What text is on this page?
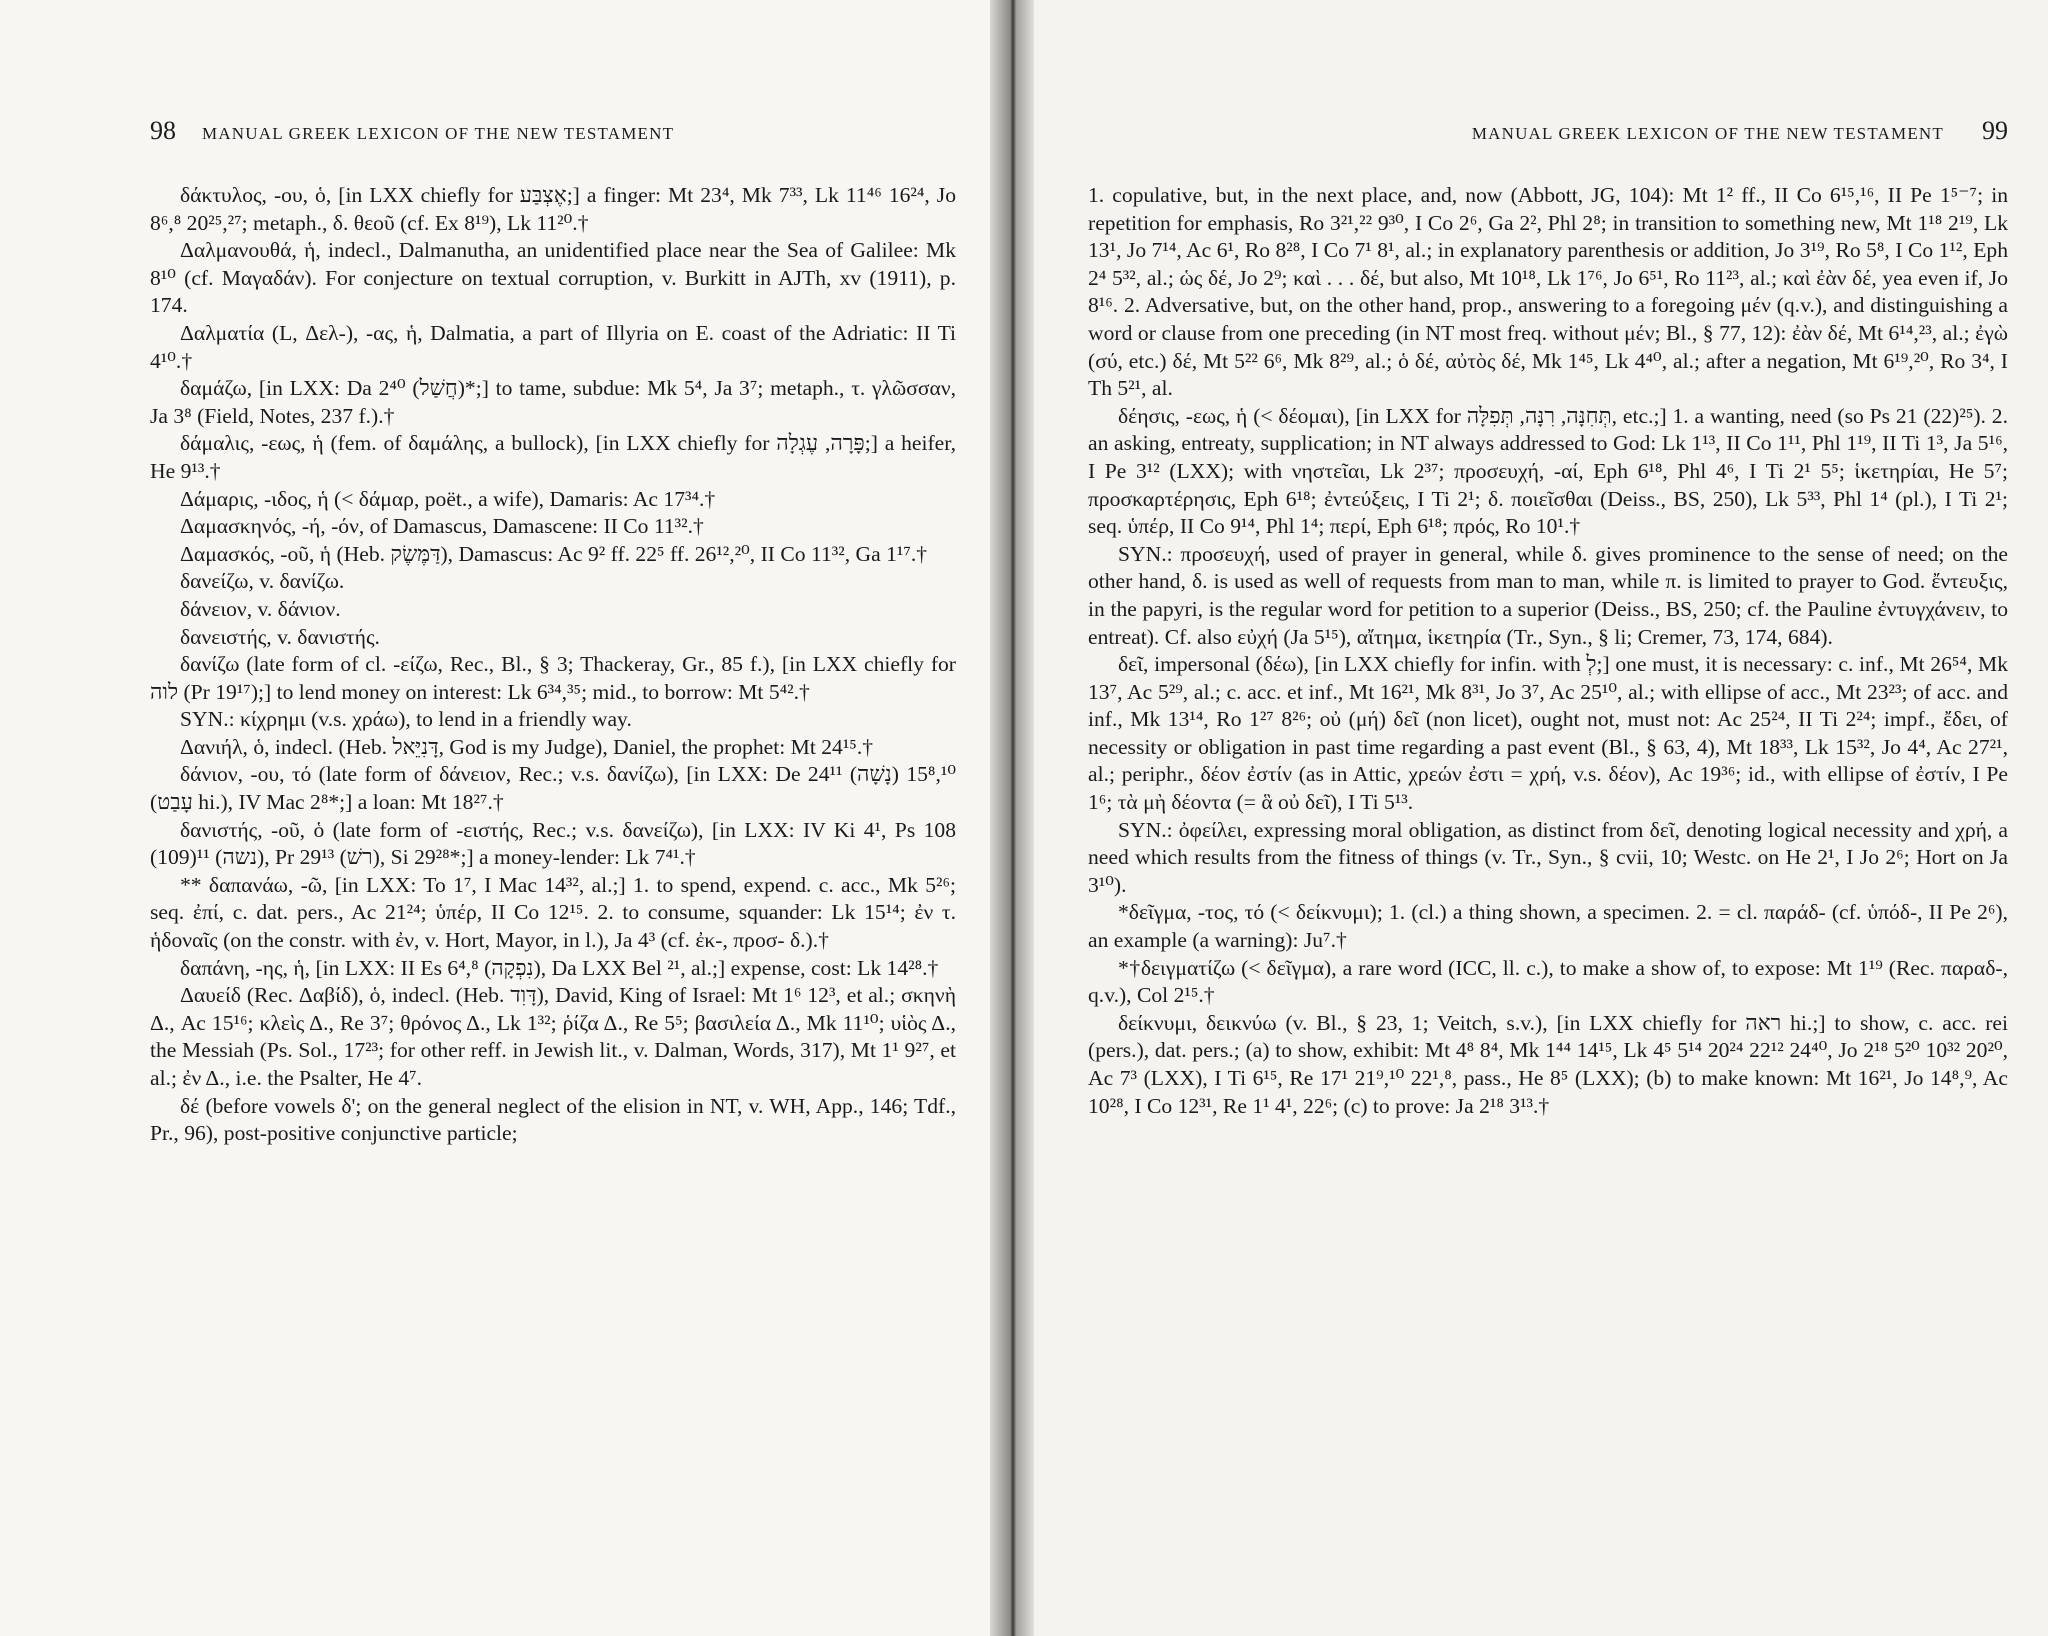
98 MANUAL GREEK LEXICON OF THE NEW TESTAMENT

δάκτυλος, -ου, ὁ, [in LXX chiefly for אֶצְבַּע;] a finger: Mt 23⁴, Mk 7³³, Lk 11⁴⁶ 16²⁴, Jo 8⁶,⁸ 20²⁵,²⁷; metaph., δ. θεοῦ (cf. Ex 8¹⁹), Lk 11²⁰.†

Δαλμανουθά, ἡ, indecl., Dalmanutha, an unidentified place near the Sea of Galilee: Mk 8¹⁰ (cf. Μαγαδάν). For conjecture on textual corruption, v. Burkitt in AJTh, xv (1911), p. 174.

Δαλματία (L, Δελ-), -ας, ἡ, Dalmatia, a part of Illyria on E. coast of the Adriatic: II Ti 4¹⁰.†

δαμάζω, [in LXX: Da 2⁴⁰ (חֲשַׁל)*;] to tame, subdue: Mk 5⁴, Ja 3⁷; metaph., τ. γλῶσσαν, Ja 3⁸ (Field, Notes, 237 f.).†

δάμαλις, -εως, ἡ (fem. of δαμάλης, a bullock), [in LXX chiefly for פָּרָה, עֶגְלָה;] a heifer, He 9¹³.†

Δάμαρις, -ιδος, ἡ (< δάμαρ, poët., a wife), Damaris: Ac 17³⁴.†

Δαμασκηνός, -ή, -όν, of Damascus, Damascene: II Co 11³².†

Δαμασκός, -οῦ, ἡ (Heb. דַּמֶּשֶׂק), Damascus: Ac 9² ff. 22⁵ ff. 26¹²,²⁰, II Co 11³², Ga 1¹⁷.†

δανείζω, v. δανίζω.

δάνειον, v. δάνιον.

δανειστής, v. δανιστής.

δανίζω (late form of cl. -είζω, Rec., Bl., § 3; Thackeray, Gr., 85 f.), [in LXX chiefly for לוה (Pr 19¹⁷);] to lend money on interest: Lk 6³⁴,³⁵; mid., to borrow: Mt 5⁴².†

SYN.: κίχρημι (v.s. χράω), to lend in a friendly way.

Δανιήλ, ὁ, indecl. (Heb. דָּנִיֵּאל, God is my Judge), Daniel, the prophet: Mt 24¹⁵.†

δάνιον, -ου, τό (late form of δάνειον, Rec.; v.s. δανίζω), [in LXX: De 24¹¹ (נָשָׁה) 15⁸,¹⁰ (עָבַט hi.), IV Mac 2⁸*;] a loan: Mt 18²⁷.†

δανιστής, -οῦ, ὁ (late form of -ειστής, Rec.; v.s. δανείζω), [in LXX: IV Ki 4¹, Ps 108 (109)¹¹ (נשה), Pr 29¹³ (רשׁ), Si 29²⁸*;] a money-lender: Lk 7⁴¹.†

** δαπανάω, -ῶ, [in LXX: To 1⁷, I Mac 14³², al.;] 1. to spend, expend. c. acc., Mk 5²⁶; seq. ἐπί, c. dat. pers., Ac 21²⁴; ὑπέρ, II Co 12¹⁵. 2. to consume, squander: Lk 15¹⁴; ἐν τ. ἡδοναῖς (on the constr. with ἐν, v. Hort, Mayor, in l.), Ja 4³ (cf. ἐκ-, προσ- δ.).†

δαπάνη, -ης, ἡ, [in LXX: II Es 6⁴,⁸ (נִפְקָה), Da LXX Bel ²¹, al.;] expense, cost: Lk 14²⁸.†

Δαυείδ (Rec. Δαβίδ), ὁ, indecl. (Heb. דָּוִד), David, King of Israel: Mt 1⁶ 12³, et al.; σκηνὴ Δ., Ac 15¹⁶; κλεὶς Δ., Re 3⁷; θρόνος Δ., Lk 1³²; ῥίζα Δ., Re 5⁵; βασιλεία Δ., Mk 11¹⁰; υἱὸς Δ., the Messiah (Ps. Sol., 17²³; for other reff. in Jewish lit., v. Dalman, Words, 317), Mt 1¹ 9²⁷, et al.; ἐν Δ., i.e. the Psalter, He 4⁷.

δέ (before vowels δ'; on the general neglect of the elision in NT, v. WH, App., 146; Tdf., Pr., 96), post-positive conjunctive particle;

MANUAL GREEK LEXICON OF THE NEW TESTAMENT 99

1. copulative, but, in the next place, and, now (Abbott, JG, 104): Mt 1² ff., II Co 6¹⁵,¹⁶, II Pe 1⁵⁻⁷; in repetition for emphasis, Ro 3²¹,²² 9³⁰, I Co 2⁶, Ga 2², Phl 2⁸; in transition to something new, Mt 1¹⁸ 2¹⁹, Lk 13¹, Jo 7¹⁴, Ac 6¹, Ro 8²⁸, I Co 7¹ 8¹, al.; in explanatory parenthesis or addition, Jo 3¹⁹, Ro 5⁸, I Co 1¹², Eph 2⁴ 5³², al.; ὡς δέ, Jo 2⁹; καὶ . . . δέ, but also, Mt 10¹⁸, Lk 1⁷⁶, Jo 6⁵¹, Ro 11²³, al.; καὶ ἐὰν δέ, yea even if, Jo 8¹⁶. 2. Adversative, but, on the other hand, prop., answering to a foregoing μέν (q.v.), and distinguishing a word or clause from one preceding (in NT most freq. without μέν; Bl., § 77, 12): ἐὰν δέ, Mt 6¹⁴,²³, al.; ἐγὼ (σύ, etc.) δέ, Mt 5²² 6⁶, Mk 8²⁹, al.; ὁ δέ, αὐτὸς δέ, Mk 1⁴⁵, Lk 4⁴⁰, al.; after a negation, Mt 6¹⁹,²⁰, Ro 3⁴, I Th 5²¹, al.

δέησις, -εως, ἡ (< δέομαι), [in LXX for תְּחִנָּה, רִנָּה, תְּפִלָּה, etc.;] 1. a wanting, need (so Ps 21 (22)²⁵). 2. an asking, entreaty, supplication; in NT always addressed to God: Lk 1¹³, II Co 1¹¹, Phl 1¹⁹, II Ti 1³, Ja 5¹⁶, I Pe 3¹² (LXX); with νηστεῖαι, Lk 2³⁷; προσευχή, -αί, Eph 6¹⁸, Phl 4⁶, I Ti 2¹ 5⁵; ἱκετηρίαι, He 5⁷; προσκαρτέρησις, Eph 6¹⁸; ἐντεύξεις, I Ti 2¹; δ. ποιεῖσθαι (Deiss., BS, 250), Lk 5³³, Phl 1⁴ (pl.), I Ti 2¹; seq. ὑπέρ, II Co 9¹⁴, Phl 1⁴; περί, Eph 6¹⁸; πρός, Ro 10¹.†

SYN.: προσευχή, used of prayer in general, while δ. gives prominence to the sense of need; on the other hand, δ. is used as well of requests from man to man, while π. is limited to prayer to God. ἔντευξις, in the papyri, is the regular word for petition to a superior (Deiss., BS, 250; cf. the Pauline ἐντυγχάνειν, to entreat). Cf. also εὐχή (Ja 5¹⁵), αἴτημα, ἱκετηρία (Tr., Syn., § li; Cremer, 73, 174, 684).

δεῖ, impersonal (δέω), [in LXX chiefly for infin. with לְ;] one must, it is necessary: c. inf., Mt 26⁵⁴, Mk 13⁷, Ac 5²⁹, al.; c. acc. et inf., Mt 16²¹, Mk 8³¹, Jo 3⁷, Ac 25¹⁰, al.; with ellipse of acc., Mt 23²³; of acc. and inf., Mk 13¹⁴, Ro 1²⁷ 8²⁶; οὐ (μή) δεῖ (non licet), ought not, must not: Ac 25²⁴, II Ti 2²⁴; impf., ἔδει, of necessity or obligation in past time regarding a past event (Bl., § 63, 4), Mt 18³³, Lk 15³², Jo 4⁴, Ac 27²¹, al.; periphr., δέον ἐστίν (as in Attic, χρεών ἐστι = χρή, v.s. δέον), Ac 19³⁶; id., with ellipse of ἐστίν, I Pe 1⁶; τὰ μὴ δέοντα (= ἃ οὐ δεῖ), I Ti 5¹³.

SYN.: ὀφείλει, expressing moral obligation, as distinct from δεῖ, denoting logical necessity and χρή, a need which results from the fitness of things (v. Tr., Syn., § cvii, 10; Westc. on He 2¹, I Jo 2⁶; Hort on Ja 3¹⁰).

*δεῖγμα, -τος, τό (< δείκνυμι); 1. (cl.) a thing shown, a specimen. 2. = cl. παράδ- (cf. ὑπόδ-, II Pe 2⁶), an example (a warning): Ju⁷.†

*†δειγματίζω (< δεῖγμα), a rare word (ICC, ll. c.), to make a show of, to expose: Mt 1¹⁹ (Rec. παραδ-, q.v.), Col 2¹⁵.†

δείκνυμι, δεικνύω (v. Bl., § 23, 1; Veitch, s.v.), [in LXX chiefly for ראה hi.;] to show, c. acc. rei (pers.), dat. pers.; (a) to show, exhibit: Mt 4⁸ 8⁴, Mk 1⁴⁴ 14¹⁵, Lk 4⁵ 5¹⁴ 20²⁴ 22¹² 24⁴⁰, Jo 2¹⁸ 5²⁰ 10³² 20²⁰, Ac 7³ (LXX), I Ti 6¹⁵, Re 17¹ 21⁹,¹⁰ 22¹,⁸, pass., He 8⁵ (LXX); (b) to make known: Mt 16²¹, Jo 14⁸,⁹, Ac 10²⁸, I Co 12³¹, Re 1¹ 4¹, 22⁶; (c) to prove: Ja 2¹⁸ 3¹³.†
